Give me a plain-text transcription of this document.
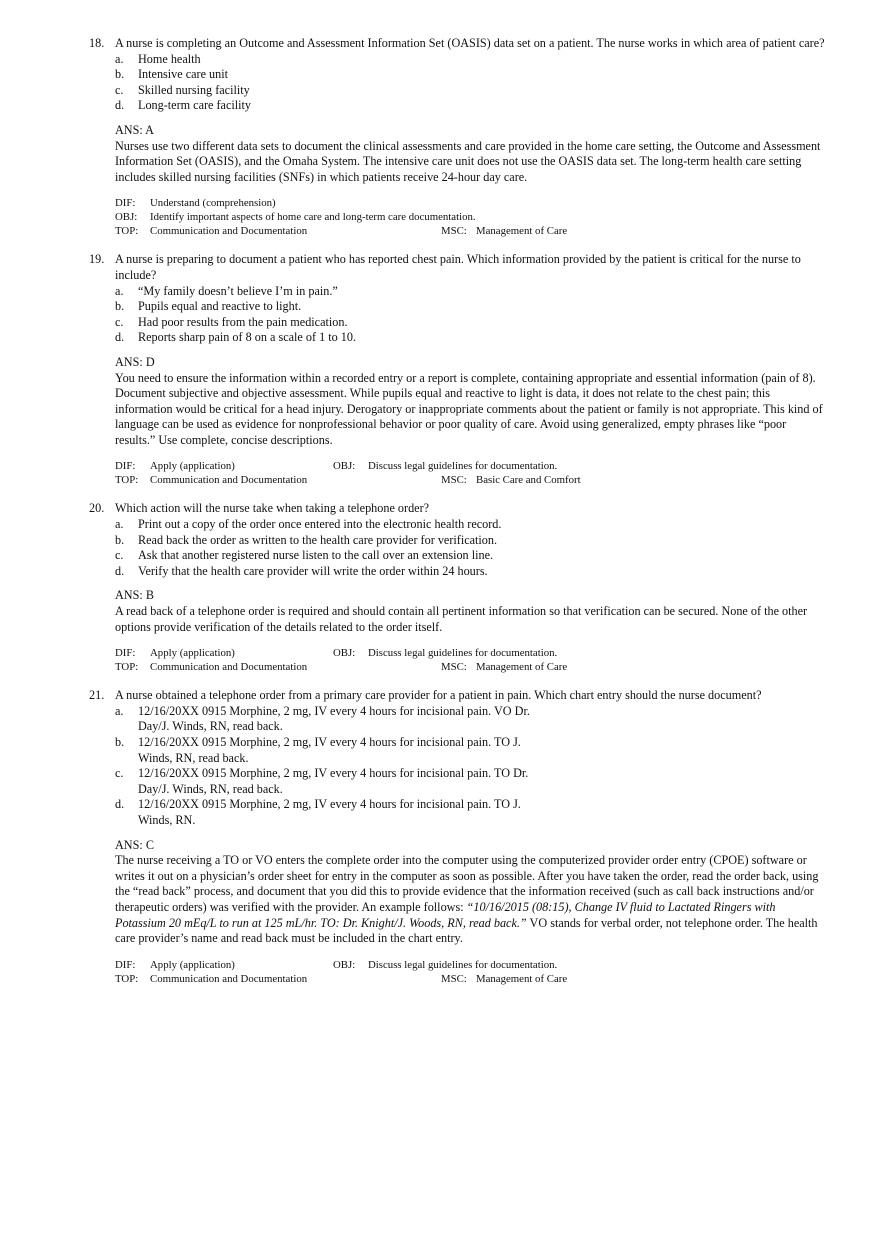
18. A nurse is completing an Outcome and Assessment Information Set (OASIS) data set on a patient. The nurse works in which area of patient care?
a. Home health
b. Intensive care unit
c. Skilled nursing facility
d. Long-term care facility
ANS: A
Nurses use two different data sets to document the clinical assessments and care provided in the home care setting, the Outcome and Assessment Information Set (OASIS), and the Omaha System. The intensive care unit does not use the OASIS data set. The long-term health care setting includes skilled nursing facilities (SNFs) in which patients receive 24-hour day care.
DIF: Understand (comprehension)
OBJ: Identify important aspects of home care and long-term care documentation.
TOP: Communication and Documentation	MSC: Management of Care
19. A nurse is preparing to document a patient who has reported chest pain. Which information provided by the patient is critical for the nurse to include?
a. “My family doesn’t believe I’m in pain.”
b. Pupils equal and reactive to light.
c. Had poor results from the pain medication.
d. Reports sharp pain of 8 on a scale of 1 to 10.
ANS: D
You need to ensure the information within a recorded entry or a report is complete, containing appropriate and essential information (pain of 8). Document subjective and objective assessment. While pupils equal and reactive to light is data, it does not relate to the chest pain; this information would be critical for a head injury. Derogatory or inappropriate comments about the patient or family is not appropriate. This kind of language can be used as evidence for nonprofessional behavior or poor quality of care. Avoid using generalized, empty phrases like “poor results.” Use complete, concise descriptions.
DIF: Apply (application)	OBJ: Discuss legal guidelines for documentation.
TOP: Communication and Documentation	MSC: Basic Care and Comfort
20. Which action will the nurse take when taking a telephone order?
a. Print out a copy of the order once entered into the electronic health record.
b. Read back the order as written to the health care provider for verification.
c. Ask that another registered nurse listen to the call over an extension line.
d. Verify that the health care provider will write the order within 24 hours.
ANS: B
A read back of a telephone order is required and should contain all pertinent information so that verification can be secured. None of the other options provide verification of the details related to the order itself.
DIF: Apply (application)	OBJ: Discuss legal guidelines for documentation.
TOP: Communication and Documentation	MSC: Management of Care
21. A nurse obtained a telephone order from a primary care provider for a patient in pain. Which chart entry should the nurse document?
a. 12/16/20XX 0915 Morphine, 2 mg, IV every 4 hours for incisional pain. VO Dr.
Day/J. Winds, RN, read back.
b. 12/16/20XX 0915 Morphine, 2 mg, IV every 4 hours for incisional pain. TO J.
Winds, RN, read back.
c. 12/16/20XX 0915 Morphine, 2 mg, IV every 4 hours for incisional pain. TO Dr.
Day/J. Winds, RN, read back.
d. 12/16/20XX 0915 Morphine, 2 mg, IV every 4 hours for incisional pain. TO J.
Winds, RN.
ANS: C
The nurse receiving a TO or VO enters the complete order into the computer using the computerized provider order entry (CPOE) software or writes it out on a physician’s order sheet for entry in the computer as soon as possible. After you have taken the order, read the order back, using the “read back” process, and document that you did this to provide evidence that the information received (such as call back instructions and/or therapeutic orders) was verified with the provider. An example follows: “10/16/2015 (08:15), Change IV fluid to Lactated Ringers with Potassium 20 mEq/L to run at 125 mL/hr. TO: Dr. Knight/J. Woods, RN, read back.” VO stands for verbal order, not telephone order. The health care provider’s name and read back must be included in the chart entry.
DIF: Apply (application)	OBJ: Discuss legal guidelines for documentation.
TOP: Communication and Documentation	MSC: Management of Care
